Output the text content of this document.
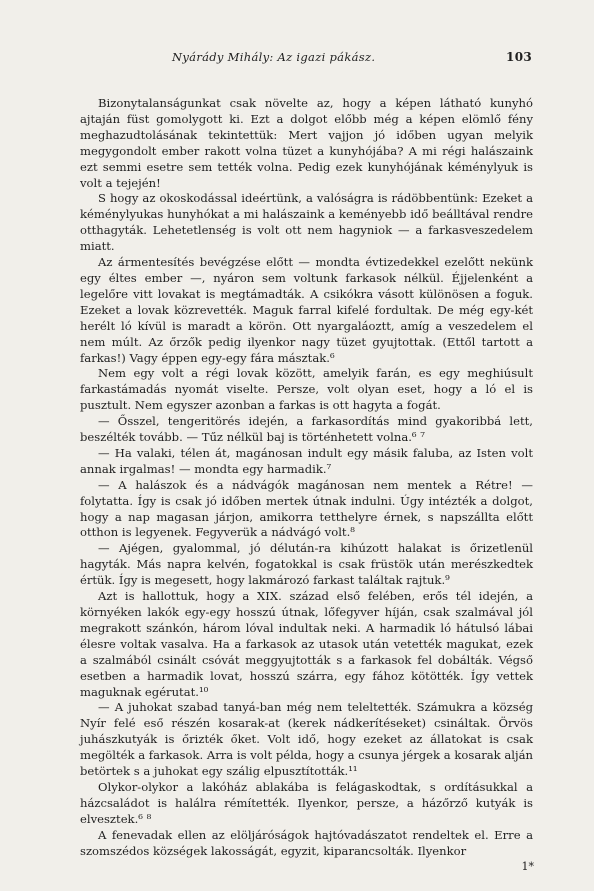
Nyárády Mihály: Az igazi pákász.	103

Bizonytalanságunkat csak növelte az, hogy a képen látható kunyhó ajtaján füst gomolygott ki. Ezt a dolgot előbb még a képen elömlő fény meghazudtolásának tekintettük: Mert vajjon jó időben ugyan melyik megygondolt ember rakott volna tüzet a kunyhójába? A mi régi halászaink ezt semmi esetre sem tették volna. Pedig ezek kunyhójának kéménylyuk is volt a tejején!

S hogy az okoskodással ideértünk, a valóságra is rádöbbentünk: Ezeket a kéménylyukas hunyhókat a mi halászaink a keményebb idő beálltával rendre otthagyták. Lehetetlenség is volt ott nem hagyniok — a farkasveszedelem miatt.

Az ármentesítés bevégzése előtt — mondta évtizedekkel ezelőtt nekünk egy éltes ember —, nyáron sem voltunk farkasok nélkül. Éjjelenként a legelőre vitt lovakat is megtámadták. A csikókra vásott különösen a foguk. Ezeket a lovak közrevették. Maguk farral kifelé fordultak. De még egy-két herélt ló kívül is maradt a körön. Ott nyargaláoztt, amíg a veszedelem el nem múlt. Az őrzők pedig ilyenkor nagy tüzet gyujtottak. (Ettől tartott a farkas!) Vagy éppen egy-egy fára másztak.⁶

Nem egy volt a régi lovak között, amelyik farán, es egy meghiúsult farkastámadás nyomát viselte. Persze, volt olyan eset, hogy a ló el is pusztult. Nem egyszer azonban a farkas is ott hagyta a fogát.

— Ősszel, tengeritörés idején, a farkasordítás mind gyakoribbá lett, beszélték tovább. — Tűz nélkül baj is történhetett volna.⁶ ⁷

— Ha valaki, télen át, magánosan indult egy másik faluba, az Isten volt annak irgalmas! — mondta egy harmadik.⁷

— A halászok és a nádvágók magánosan nem mentek a Rétre! — folytatta. Így is csak jó időben mertek útnak indulni. Úgy intézték a dolgot, hogy a nap magasan járjon, amikorra tetthelyre érnek, s napszállta előtt otthon is legyenek. Fegyverük a nádvágó volt.⁸

— Ajégen, gyalommal, jó délután-ra kihúzott halakat is őrizetlenül hagyták. Más napra kelvén, fogatokkal is csak früstök után merészkedtek értük. Így is megesett, hogy lakmározó farkast találtak rajtuk.⁹

Azt is hallottuk, hogy a XIX. század első felében, erős tél idején, a környéken lakók egy-egy hosszú útnak, lőfegyver híján, csak szalmával jól megrakott szánkón, három lóval indultak neki. A harmadik ló hátulsó lábai élesre voltak vasalva. Ha a farkasok az utasok után vetették magukat, ezek a szalmából csinált csóvát meggyujtották s a farkasok fel dobálták. Végső esetben a harmadik lovat, hosszú szárra, egy fához kötötték. Így vettek maguknak egérutat.¹⁰

— A juhokat szabad tanyá-ban még nem teleltették. Számukra a község Nyír felé eső részén kosarak-at (kerek nádkerítéseket) csináltak. Örvös juhászkutyák is őrizték őket. Volt idő, hogy ezeket az állatokat is csak megölték a farkasok. Arra is volt példa, hogy a csunya jérgek a kosarak alján betörtek s a juhokat egy szálig elpusztították.¹¹

Olykor-olykor a lakóház ablakába is felágaskodtak, s ordításukkal a házcsaládot is halálra rémítették. Ilyenkor, persze, a házőrző kutyák is elvesztek.⁶ ⁸

A fenevadak ellen az elöljáróságok hajtóvadászatot rendeltek el. Erre a szomszédos községek lakosságát, egyzit, kiparancsolták. Ilyenkor

1*
